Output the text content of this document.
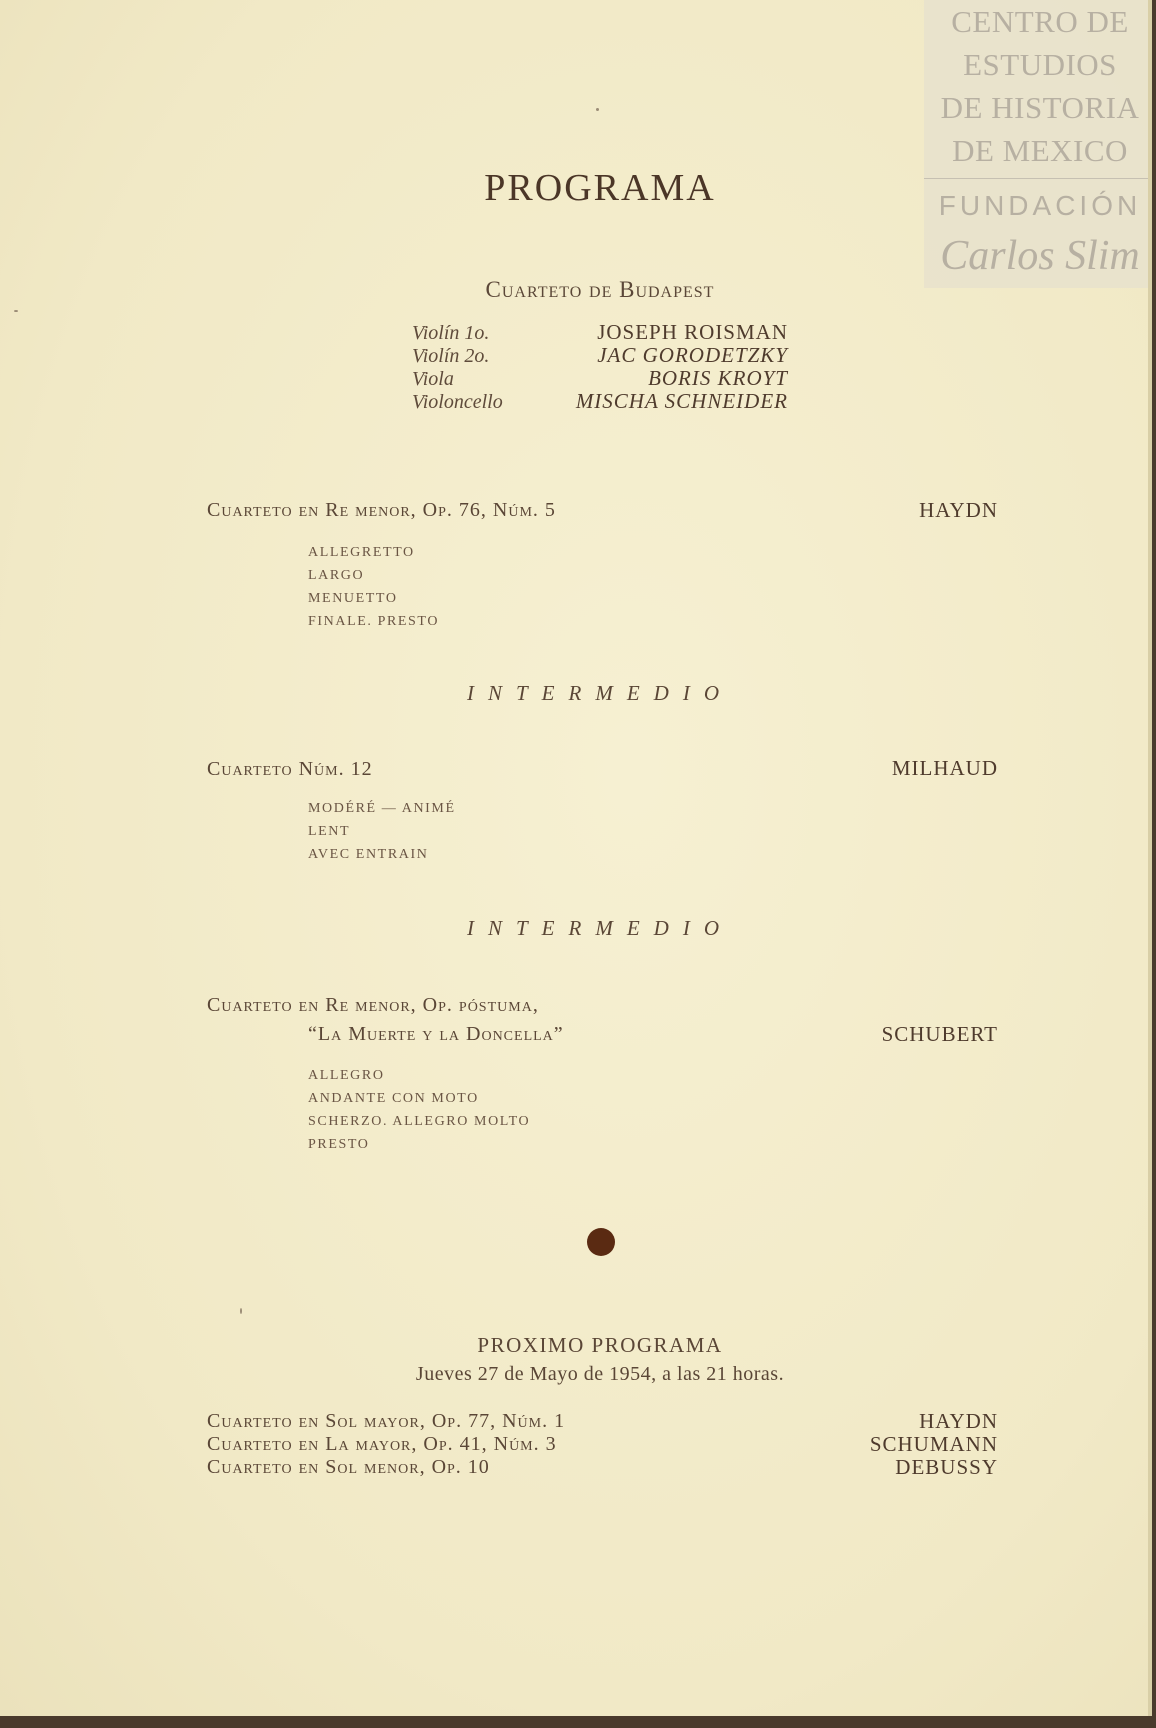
CENTRO DE
ESTUDIOS
DE HISTORIA
DE MEXICO
FUNDACIÓN
Carlos Slim
PROGRAMA
Cuarteto de Budapest
Violín 1o.	JOSEPH ROISMAN
Violín 2o.	JAC GORODETZKY
Viola	BORIS KROYT
Violoncello	MISCHA SCHNEIDER
Cuarteto en Re menor, Op. 76, Núm. 5	HAYDN
ALLEGRETTO
LARGO
MENUETTO
FINALE. PRESTO
INTERMEDIO
Cuarteto Núm. 12	MILHAUD
MODÉRÉ — ANIMÉ
LENT
AVEC ENTRAIN
INTERMEDIO
Cuarteto en Re menor, Op. póstuma,
“La Muerte y la Doncella”	SCHUBERT
ALLEGRO
ANDANTE CON MOTO
SCHERZO. ALLEGRO MOLTO
PRESTO
PROXIMO PROGRAMA
Jueves 27 de Mayo de 1954, a las 21 horas.
Cuarteto en Sol mayor, Op. 77, Núm. 1	HAYDN
Cuarteto en La mayor, Op. 41, Núm. 3	SCHUMANN
Cuarteto en Sol menor, Op. 10	DEBUSSY
